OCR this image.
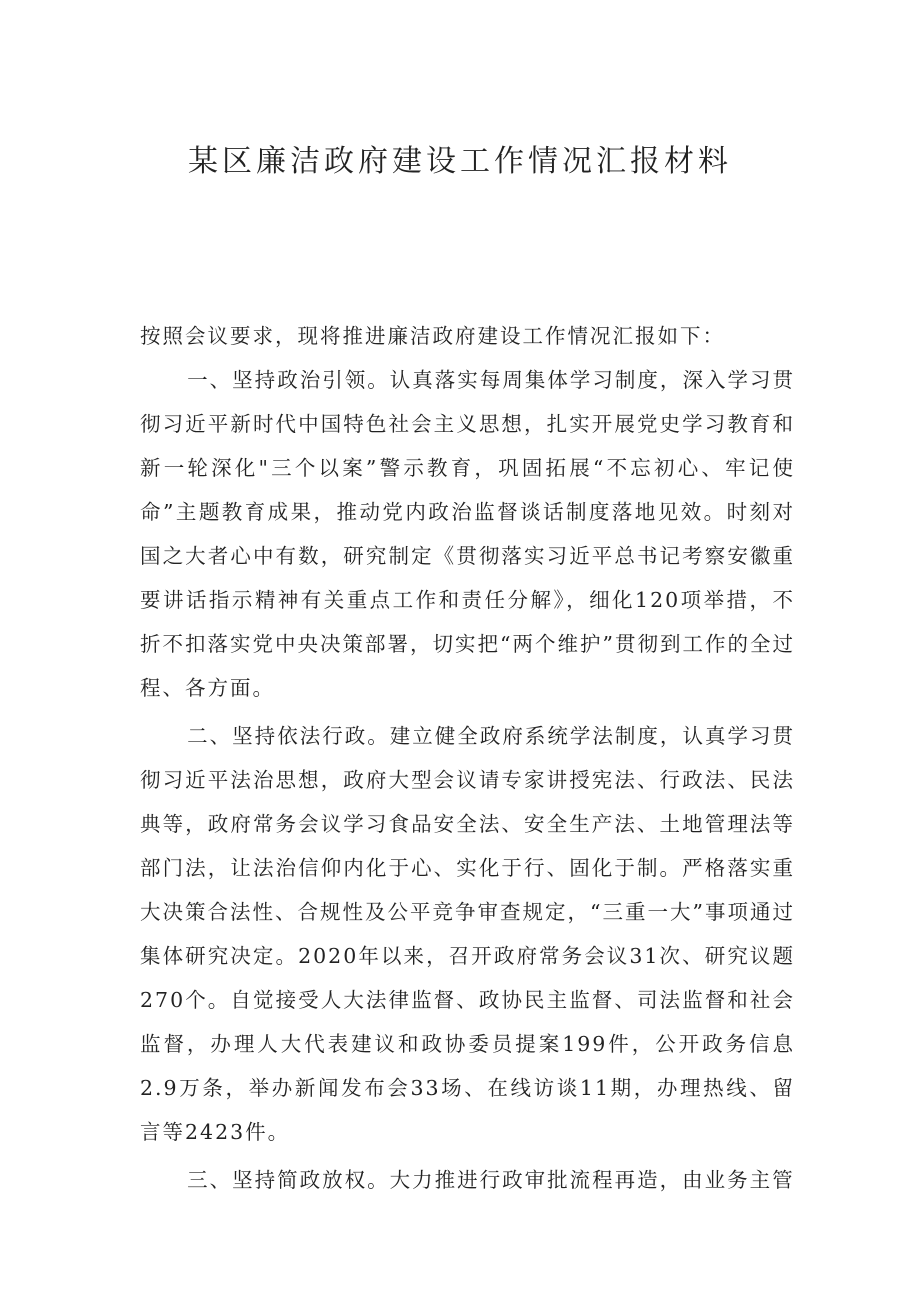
某区廉洁政府建设工作情况汇报材料

按照会议要求，现将推进廉洁政府建设工作情况汇报如下：

一、坚持政治引领。认真落实每周集体学习制度，深入学习贯彻习近平新时代中国特色社会主义思想，扎实开展党史学习教育和新一轮深化"三个以案”警示教育，巩固拓展“不忘初心、牢记使命”主题教育成果，推动党内政治监督谈话制度落地见效。时刻对国之大者心中有数，研究制定《贯彻落实习近平总书记考察安徽重要讲话指示精神有关重点工作和责任分解》，细化120项举措，不折不扣落实党中央决策部署，切实把“两个维护”贯彻到工作的全过程、各方面。

二、坚持依法行政。建立健全政府系统学法制度，认真学习贯彻习近平法治思想，政府大型会议请专家讲授宪法、行政法、民法典等，政府常务会议学习食品安全法、安全生产法、土地管理法等部门法，让法治信仰内化于心、实化于行、固化于制。严格落实重大决策合法性、合规性及公平竞争审查规定，“三重一大”事项通过集体研究决定。2020年以来，召开政府常务会议31次、研究议题270个。自觉接受人大法律监督、政协民主监督、司法监督和社会监督，办理人大代表建议和政协委员提案199件，公开政务信息2.9万条，举办新闻发布会33场、在线访谈11期，办理热线、留言等2423件。

三、坚持简政放权。大力推进行政审批流程再造，由业务主管
